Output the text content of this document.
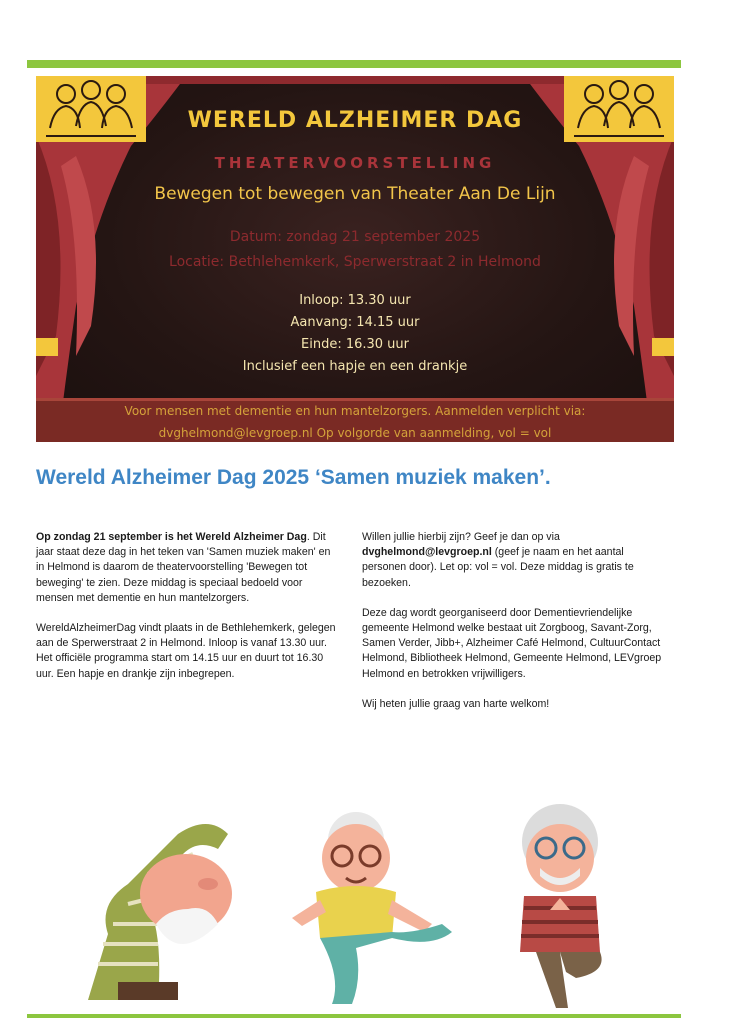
WERELD ALZHEIMER DAG
THEATERVOORSTELLING
Bewegen tot bewegen van Theater Aan De Lijn
Datum: zondag 21 september 2025
Locatie: Bethlehemkerk, Sperwerstraat 2 in Helmond
Inloop: 13.30 uur
Aanvang: 14.15 uur
Einde: 16.30 uur
Inclusief een hapje en een drankje
Voor mensen met dementie en hun mantelzorgers. Aanmelden verplicht via:
dvghelmond@levgroep.nl Op volgorde van aanmelding, vol = vol
Wereld Alzheimer Dag 2025 ‘Samen muziek maken’.

Op zondag 21 september is het Wereld Alzheimer Dag. Dit jaar staat deze dag in het teken van 'Samen muziek maken' en in Helmond is daarom de theatervoorstelling 'Bewegen tot beweging' te zien. Deze middag is speciaal bedoeld voor mensen met dementie en hun mantelzorgers.

WereldAlzheimerDag vindt plaats in de Bethlehemkerk, gelegen aan de Sperwerstraat 2 in Helmond. Inloop is vanaf 13.30 uur. Het officiële programma start om 14.15 uur en duurt tot 16.30 uur. Een hapje en drankje zijn inbegrepen.

Willen jullie hierbij zijn? Geef je dan op via dvghelmond@levgroep.nl (geef je naam en het aantal personen door). Let op: vol = vol. Deze middag is gratis te bezoeken.

Deze dag wordt georganiseerd door Dementievriendelijke gemeente Helmond welke bestaat uit Zorgboog, Savant-Zorg, Samen Verder, Jibb+, Alzheimer Café Helmond, CultuurContact Helmond, Bibliotheek Helmond, Gemeente Helmond, LEVgroep Helmond en betrokken vrijwilligers.

Wij heten jullie graag van harte welkom!
